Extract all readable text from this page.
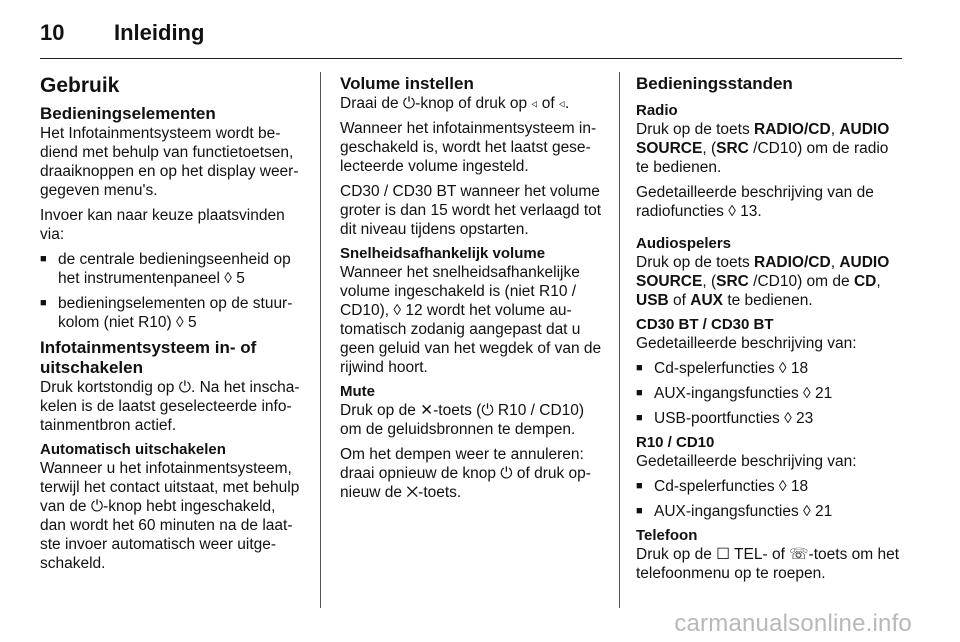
10	Inleiding
Gebruik
Bedieningselementen

Het Infotainmentsysteem wordt bediend met behulp van functietoetsen, draaiknoppen en op het display weergegeven menu's.

Invoer kan naar keuze plaatsvinden via:

■ de centrale bedieningseenheid op het instrumentenpaneel ◊ 5
■ bedieningselementen op de stuurkolom (niet R10) ◊ 5
Infotainmentsysteem in- of uitschakelen

Druk kortstondig op ⏻. Na het inschakelen is de laatst geselecteerde infotainmentbron actief.

Automatisch uitschakelen

Wanneer u het infotainmentsysteem, terwijl het contact uitstaat, met behulp van de ⏻-knop hebt ingeschakeld, dan wordt het 60 minuten na de laatste invoer automatisch weer uitgeschakeld.

Volume instellen

Draai de ⏻-knop of druk op ◃ of ◃.

Wanneer het infotainmentsysteem ingeschakeld is, wordt het laatst geselecteerde volume ingesteld.

CD30 / CD30 BT wanneer het volume groter is dan 15 wordt het verlaagd tot dit niveau tijdens opstarten.

Snelheidsafhankelijk volume

Wanneer het snelheidsafhankelijke volume ingeschakeld is (niet R10 / CD10), ◊ 12 wordt het volume automatisch zodanig aangepast dat u geen geluid van het wegdek of van de rijwind hoort.

Mute

Druk op de ✕-toets (⏻ R10 / CD10) om de geluidsbronnen te dempen.

Om het dempen weer te annuleren: draai opnieuw de knop ⏻ of druk opnieuw de ✕-toets.

Bedieningsstanden
Radio

Druk op de toets RADIO/CD, AUDIO SOURCE, (SRC /CD10) om de radio te bedienen.

Gedetailleerde beschrijving van de radiofuncties ◊ 13.

Audiospelers

Druk op de toets RADIO/CD, AUDIO SOURCE, (SRC /CD10) om de CD, USB of AUX te bedienen.

CD30 BT / CD30 BT

Gedetailleerde beschrijving van:

■ Cd-spelerfuncties ◊ 18
■ AUX-ingangsfuncties ◊ 21
■ USB-poortfuncties ◊ 23
R10 / CD10

Gedetailleerde beschrijving van:

■ Cd-spelerfuncties ◊ 18
■ AUX-ingangsfuncties ◊ 21
Telefoon

Druk op de ☐ TEL- of ☏-toets om het telefoonmenu op te roepen.

carmanualsonline.info
